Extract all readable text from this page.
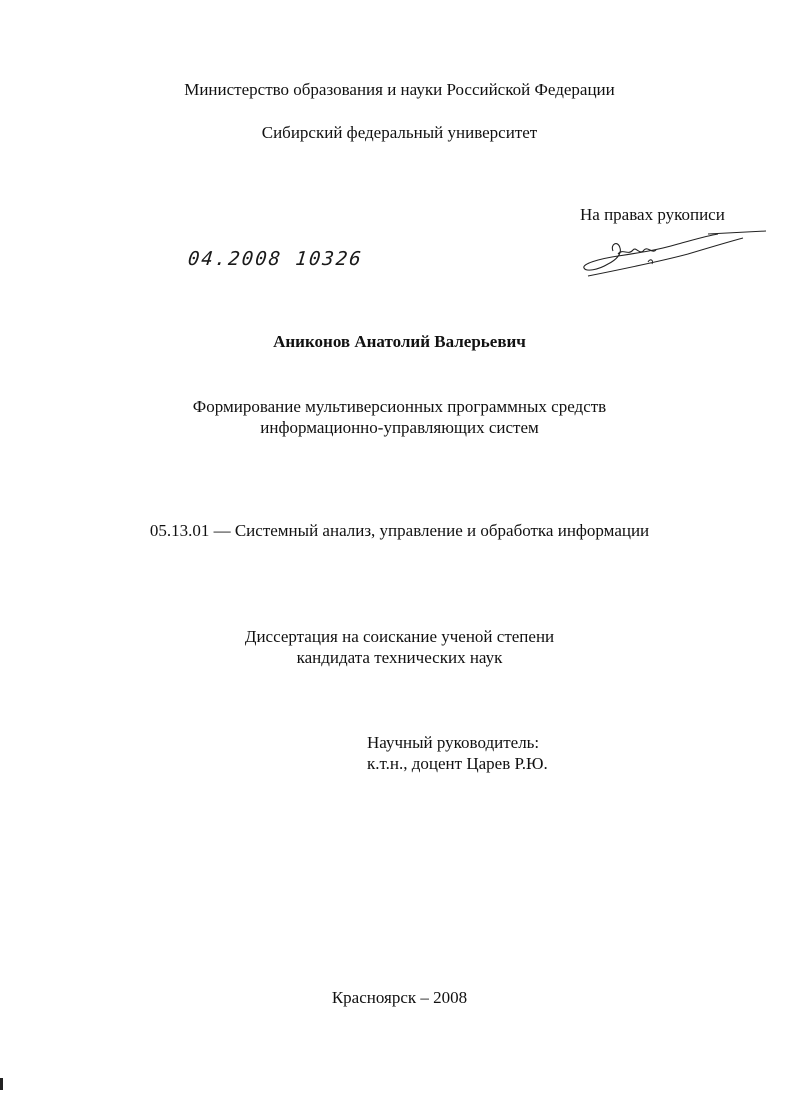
Министерство образования и науки Российской Федерации
Сибирский федеральный университет
На правах рукописи
04.2008 10326
Аниконов Анатолий Валерьевич
Формирование мультиверсионных программных средств
информационно-управляющих систем
05.13.01 — Системный анализ, управление и обработка информации
Диссертация на соискание ученой степени
кандидата технических наук
Научный руководитель:
к.т.н., доцент Царев Р.Ю.
Красноярск – 2008
